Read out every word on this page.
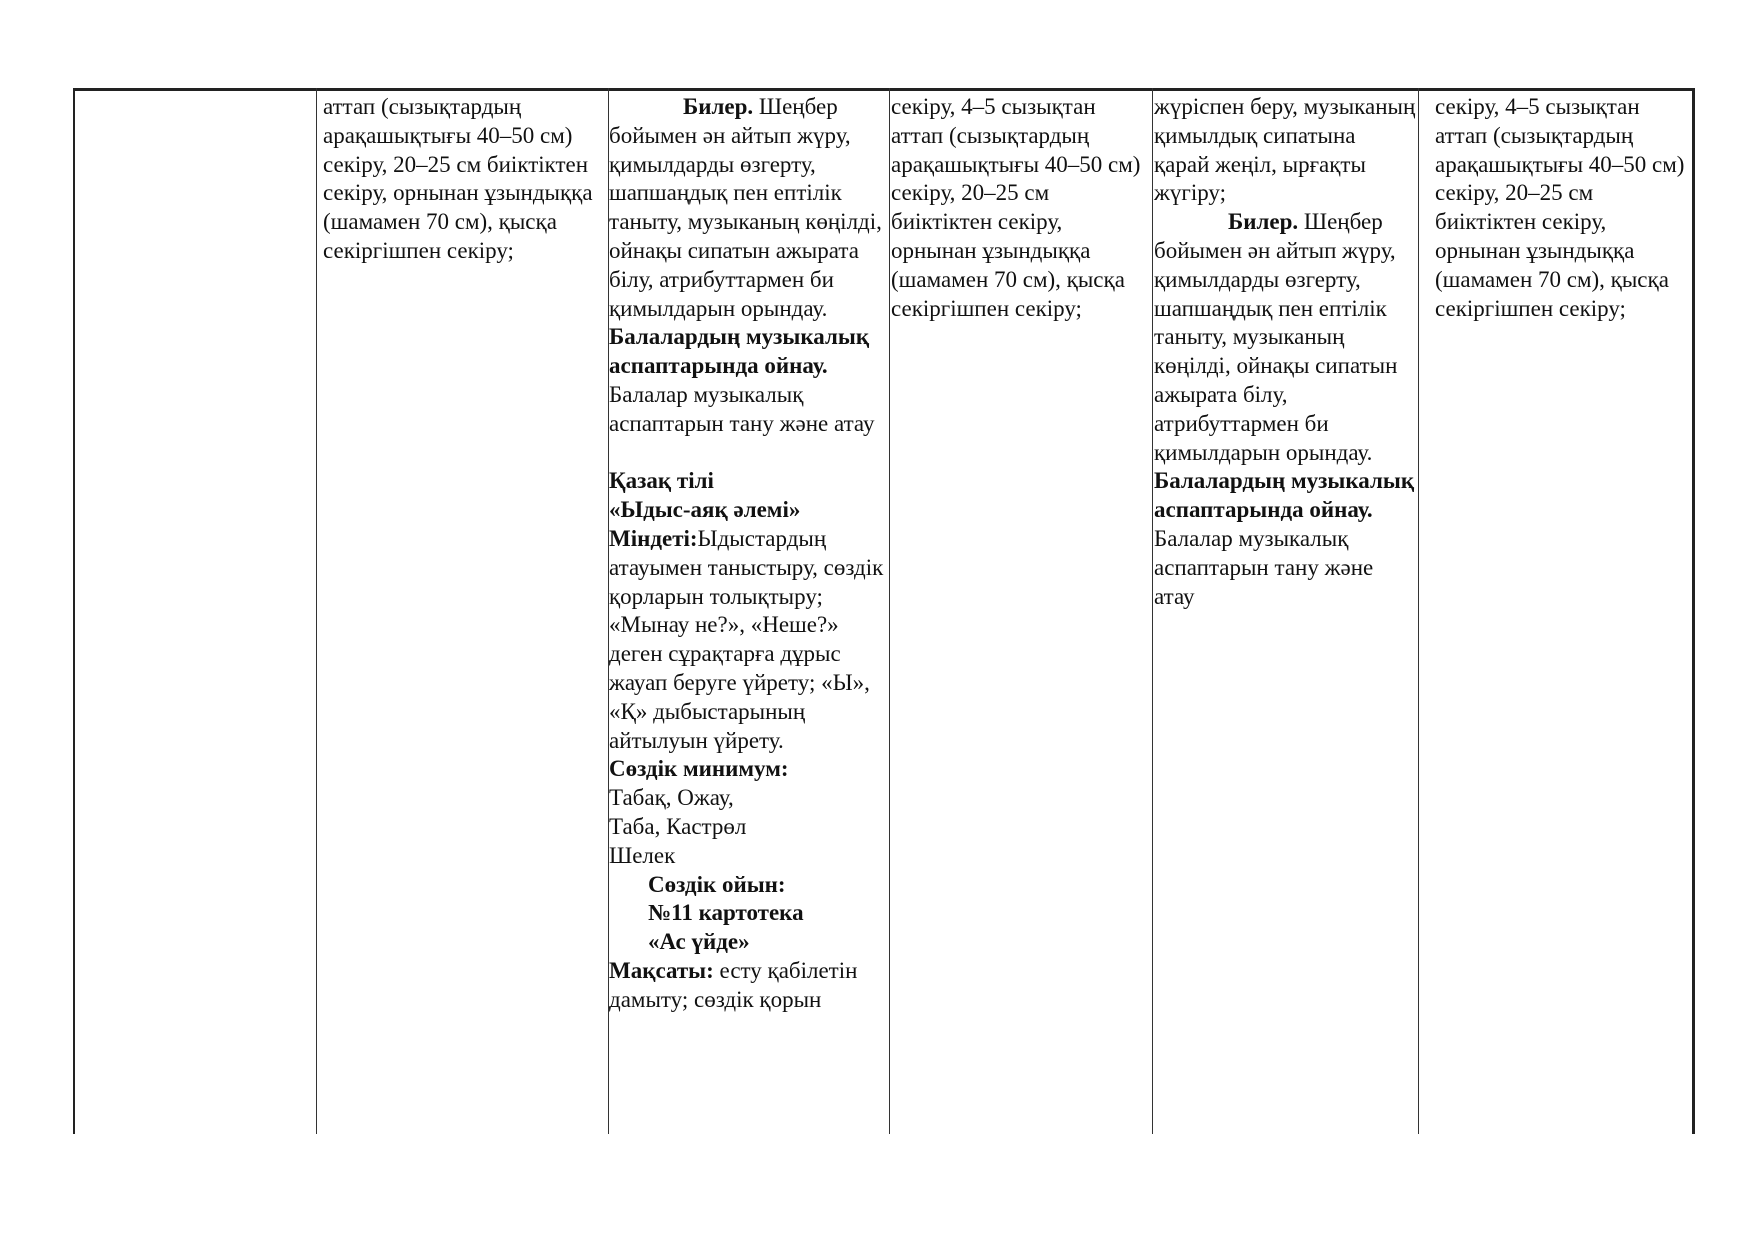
аттап (сызықтардың арақашықтығы 40–50 см) секіру, 20–25 см биіктіктен секіру, орнынан ұзындыққа (шамамен 70 см), қысқа секіргішпен секіру;

Билер. Шеңбер бойымен ән айтып жүру, қимылдарды өзгерту, шапшаңдық пен ептілік таныту, музыканың көңілді, ойнақы сипатын ажырата білу, атрибуттармен би қимылдарын орындау.

Балалардың музыкалық аспаптарында ойнау.

Балалар музыкалық аспаптарын тану және атау

Қазақ тілі

«Ыдыс-аяқ әлемі»

Міндеті:Ыдыстардың атауымен таныстыру, сөздік қорларын толықтыру; «Мынау не?», «Неше?» деген сұрақтарға дұрыс жауап беруге үйрету; «Ы», «Қ» дыбыстарының айтылуын үйрету.

Сөздік минимум:

Табақ, Ожау,

Таба, Кастрөл

Шелек

Сөздік ойын:

№11 картотека

«Ас үйде»

Мақсаты: есту қабілетін дамыту; сөздік қорын

секіру, 4–5 сызықтан аттап (сызықтардың арақашықтығы 40–50 см) секіру, 20–25 см биіктіктен секіру, орнынан ұзындыққа (шамамен 70 см), қысқа секіргішпен секіру;

жүріспен беру, музыканың қимылдық сипатына қарай жеңіл, ырғақты жүгіру;

Билер. Шеңбер бойымен ән айтып жүру, қимылдарды өзгерту, шапшаңдық пен ептілік таныту, музыканың көңілді, ойнақы сипатын ажырата білу, атрибуттармен би қимылдарын орындау.

Балалардың музыкалық аспаптарында ойнау.

Балалар музыкалық аспаптарын тану және атау

секіру, 4–5 сызықтан аттап (сызықтардың арақашықтығы 40–50 см) секіру, 20–25 см биіктіктен секіру, орнынан ұзындыққа (шамамен 70 см), қысқа секіргішпен секіру;
